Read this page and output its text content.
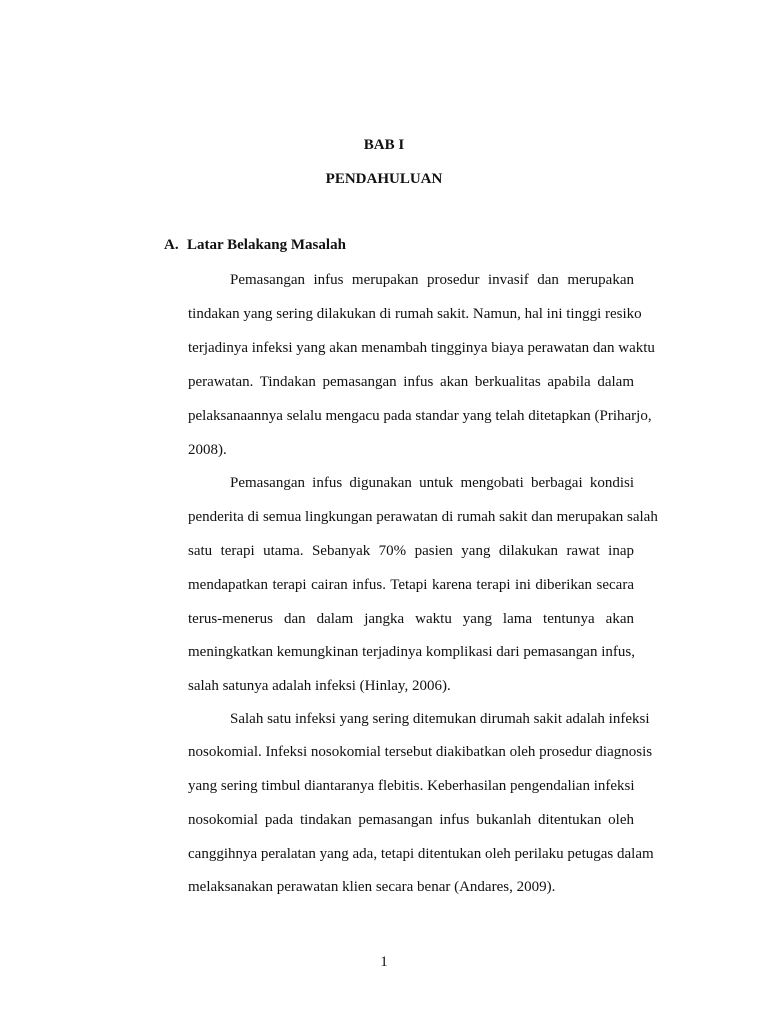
BAB I
PENDAHULUAN
A. Latar Belakang Masalah
Pemasangan infus merupakan prosedur invasif dan merupakan
tindakan yang sering dilakukan di rumah sakit. Namun, hal ini tinggi resiko
terjadinya infeksi yang akan menambah tingginya biaya perawatan dan waktu
perawatan. Tindakan pemasangan infus akan berkualitas apabila dalam
pelaksanaannya selalu mengacu pada standar yang telah ditetapkan (Priharjo,
2008).
Pemasangan infus digunakan untuk mengobati berbagai kondisi
penderita di semua lingkungan perawatan di rumah sakit dan merupakan salah
satu terapi utama. Sebanyak 70% pasien yang dilakukan rawat inap
mendapatkan terapi cairan infus. Tetapi karena terapi ini diberikan secara
terus-menerus dan dalam jangka waktu yang lama tentunya akan
meningkatkan kemungkinan terjadinya komplikasi dari pemasangan infus,
salah satunya adalah infeksi (Hinlay, 2006).
Salah satu infeksi yang sering ditemukan dirumah sakit adalah infeksi
nosokomial. Infeksi nosokomial tersebut diakibatkan oleh prosedur diagnosis
yang sering timbul diantaranya flebitis. Keberhasilan pengendalian infeksi
nosokomial pada tindakan pemasangan infus bukanlah ditentukan oleh
canggihnya peralatan yang ada, tetapi ditentukan oleh perilaku petugas dalam
melaksanakan perawatan klien secara benar (Andares, 2009).
1
